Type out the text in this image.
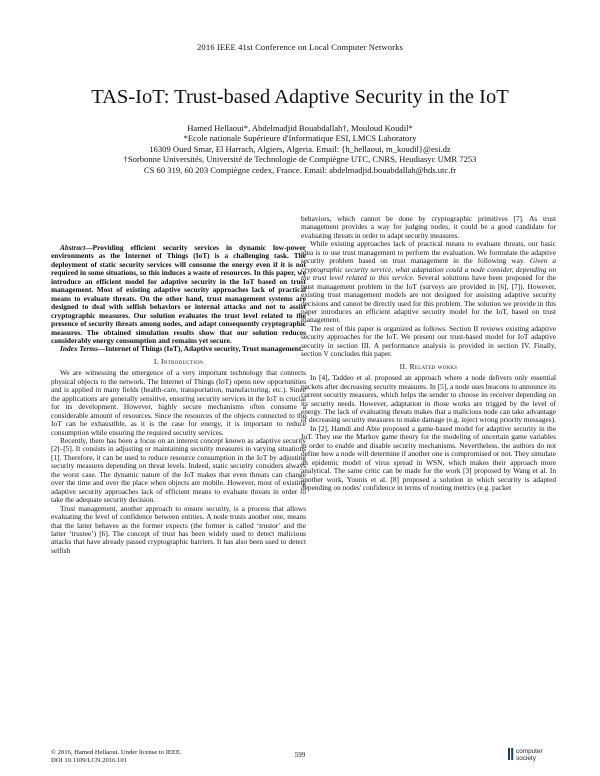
2016 IEEE 41st Conference on Local Computer Networks
TAS-IoT: Trust-based Adaptive Security in the IoT
Hamed Hellaoui*, Abdelmadjid Bouabdallah†, Mouloud Koudil*
*Ecole nationale Supérieure d'Informatique ESI, LMCS Laboratory
16309 Oued Smar, El Harrach, Algiers, Algeria. Email: {h_hellaoui, m_koudil}@esi.dz
†Sorbonne Universités, Université de Technologie de Compiègne UTC, CNRS, Heudiasyc UMR 7253
CS 60 319, 60 203 Compiègne cedex, France. Email: abdelmadjid.bouabdallah@hds.utc.fr

Abstract—Providing efficient security services in dynamic low-power environments as the Internet of Things (IoT) is a challenging task. The deployment of static security services will consume the energy even if it is not required in some situations, so this induces a waste of resources. In this paper, we introduce an efficient model for adaptive security in the IoT based on trust management. Most of existing adaptive security approaches lack of practical means to evaluate threats. On the other hand, trust management systems are designed to deal with selfish behaviors or internal attacks and not to assist cryptographic measures. Our solution evaluates the trust level related to the presence of security threats among nodes, and adapt consequently cryptographic measures. The obtained simulation results show that our solution reduces considerably energy consumption and remains yet secure.

Index Terms—Internet of Things (IoT), Adaptive security, Trust management.

I. Introduction

We are witnessing the emergence of a very important technology that connects physical objects to the network. The Internet of Things (IoT) opens new opportunities and is applied in many fields (health-care, transportation, manufacturing, etc.). Since the applications are generally sensitive, ensuring security services in the IoT is crucial for its development. However, highly secure mechanisms often consume a considerable amount of resources. Since the resources of the objects connected to the IoT can be exhaustible, as it is the case for energy, it is important to reduce consumption while ensuring the required security services.

Recently, there has been a focus on an interest concept known as adaptive security [2]–[5]. It consists in adjusting or maintaining security measures in varying situations [1]. Therefore, it can be used to reduce resource consumption in the IoT by adjusting security measures depending on threat levels. Indeed, static security considers always the worst case. The dynamic nature of the IoT makes that even threats can change over the time and over the place when objects are mobile. However, most of existing adaptive security approaches lack of efficient means to evaluate threats in order to take the adequate security decision.

Trust management, another approach to ensure security, is a process that allows evaluating the level of confidence between entities. A node trusts another one, means that the latter behaves as the former expects (the former is called ‘trustor’ and the latter ‘trustee’) [6]. The concept of trust has been widely used to detect malicious attacks that have already passed cryptographic barriers. It has also been used to detect selfish

behaviors, which cannot be done by cryptographic primitives [7]. As trust management provides a way for judging nodes, it could be a good candidate for evaluating threats in order to adapt security measures.

While existing approaches lack of practical means to evaluate threats, our basic idea is to use trust management to perform the evaluation. We formulate the adaptive security problem based on trust management in the following way. Given a cryptographic security service, what adaptation could a node consider, depending on the trust level related to this service. Several solutions have been proposed for the trust management problem in the IoT (surveys are provided in [6], [7]). However, existing trust management models are not designed for assisting adaptive security decisions and cannot be directly used for this problem. The solution we provide in this paper introduces an efficient adaptive security model for the IoT, based on trust management.

The rest of this paper is organized as follows. Section II reviews existing adaptive security approaches for the IoT. We present our trust-based model for IoT adaptive security in section III. A performance analysis is provided in section IV. Finally, section V concludes this paper.

II. Related works

In [4], Taddeo et al. proposed an approach where a node delivers only essential packets after decreasing security measures. In [5], a node uses beacons to announce its current security measures, which helps the sender to choose its receiver depending on its security needs. However, adaptation in those works are trigged by the level of energy. The lack of evaluating threats makes that a malicious node can take advantage of decreasing security measures to make damage (e.g. inject wrong priority messages).

In [2], Hamdi and Abie proposed a game-based model for adaptive security in the IoT. They use the Markov game theory for the modeling of uncertain game variables in order to enable and disable security mechanisms. Nevertheless, the authors do not define how a node will determine if another one is compromised or not. They simulate an epidemic model of virus spread in WSN, which makes their approach more analytical. The same critic can be made for the work [3] proposed by Wang et al. In another work, Younis et al. [8] proposed a solution in which security is adapted depending on nodes' confidence in terms of routing metrics (e.g. packet

© 2016, Hamed Hellaoui. Under license to IEEE.
DOI 10.1109/LCN.2016.101
599	computer
society
